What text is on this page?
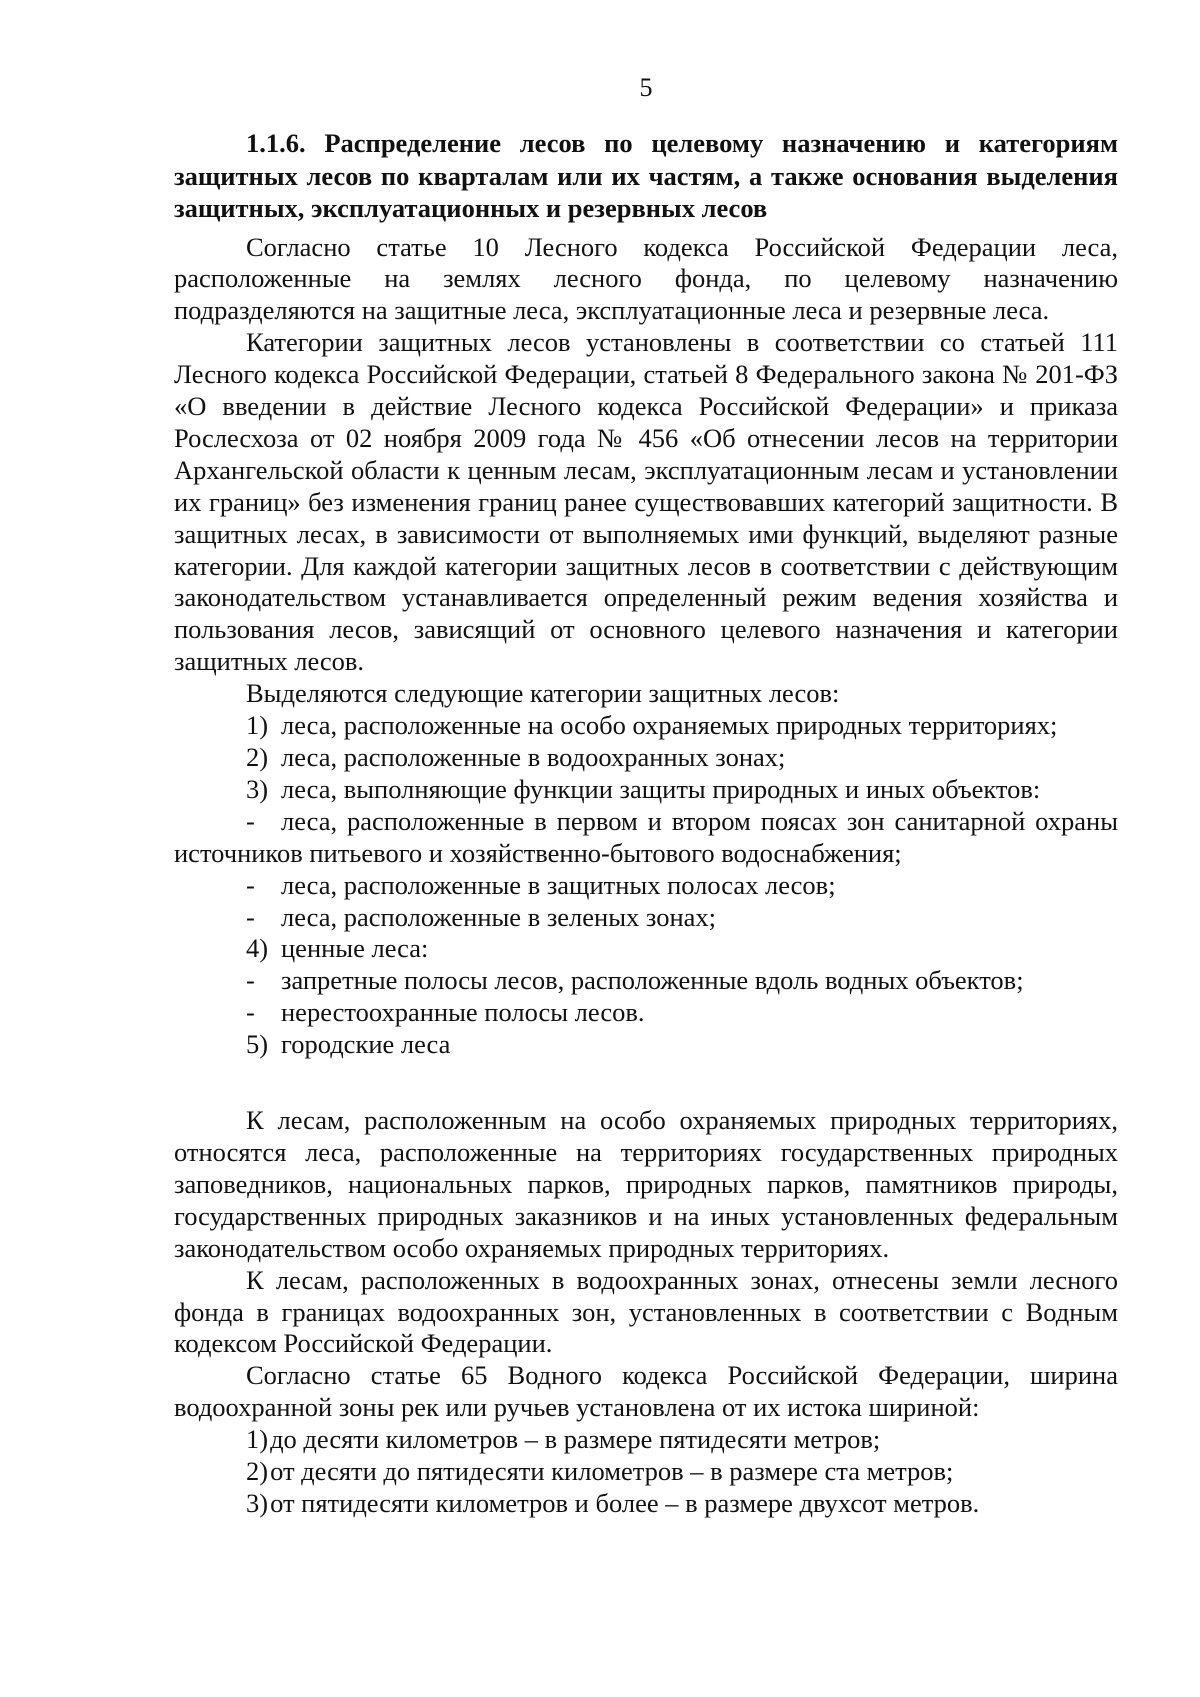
5

1.1.6. Распределение лесов по целевому назначению и категориям защитных лесов по кварталам или их частям, а также основания выделения защитных, эксплуатационных и резервных лесов

Согласно статье 10 Лесного кодекса Российской Федерации леса, расположенные на землях лесного фонда, по целевому назначению подразделяются на защитные леса, эксплуатационные леса и резервные леса.

Категории защитных лесов установлены в соответствии со статьей 111 Лесного кодекса Российской Федерации, статьей 8 Федерального закона № 201-ФЗ «О введении в действие Лесного кодекса Российской Федерации» и приказа Рослесхоза от 02 ноября 2009 года № 456 «Об отнесении лесов на территории Архангельской области к ценным лесам, эксплуатационным лесам и установлении их границ» без изменения границ ранее существовавших категорий защитности. В защитных лесах, в зависимости от выполняемых ими функций, выделяют разные категории. Для каждой категории защитных лесов в соответствии с действующим законодательством устанавливается определенный режим ведения хозяйства и пользования лесов, зависящий от основного целевого назначения и категории защитных лесов.

Выделяются следующие категории защитных лесов:

1) леса, расположенные на особо охраняемых природных территориях;
2) леса, расположенные в водоохранных зонах;
3) леса, выполняющие функции защиты природных и иных объектов:

- леса, расположенные в первом и втором поясах зон санитарной охраны источников питьевого и хозяйственно-бытового водоснабжения;

- леса, расположенные в защитных полосах лесов;
- леса, расположенные в зеленых зонах;
4) ценные леса:
- запретные полосы лесов, расположенные вдоль водных объектов;
- нерестоохранные полосы лесов.
5) городские леса

К лесам, расположенным на особо охраняемых природных территориях, относятся леса, расположенные на территориях государственных природных заповедников, национальных парков, природных парков, памятников природы, государственных природных заказников и на иных установленных федеральным законодательством особо охраняемых природных территориях.

К лесам, расположенных в водоохранных зонах, отнесены земли лесного фонда в границах водоохранных зон, установленных в соответствии с Водным кодексом Российской Федерации.

Согласно статье 65 Водного кодекса Российской Федерации, ширина водоохранной зоны рек или ручьев установлена от их истока шириной:

1) до десяти километров – в размере пятидесяти метров;
2) от десяти до пятидесяти километров – в размере ста метров;
3) от пятидесяти километров и более – в размере двухсот метров.
